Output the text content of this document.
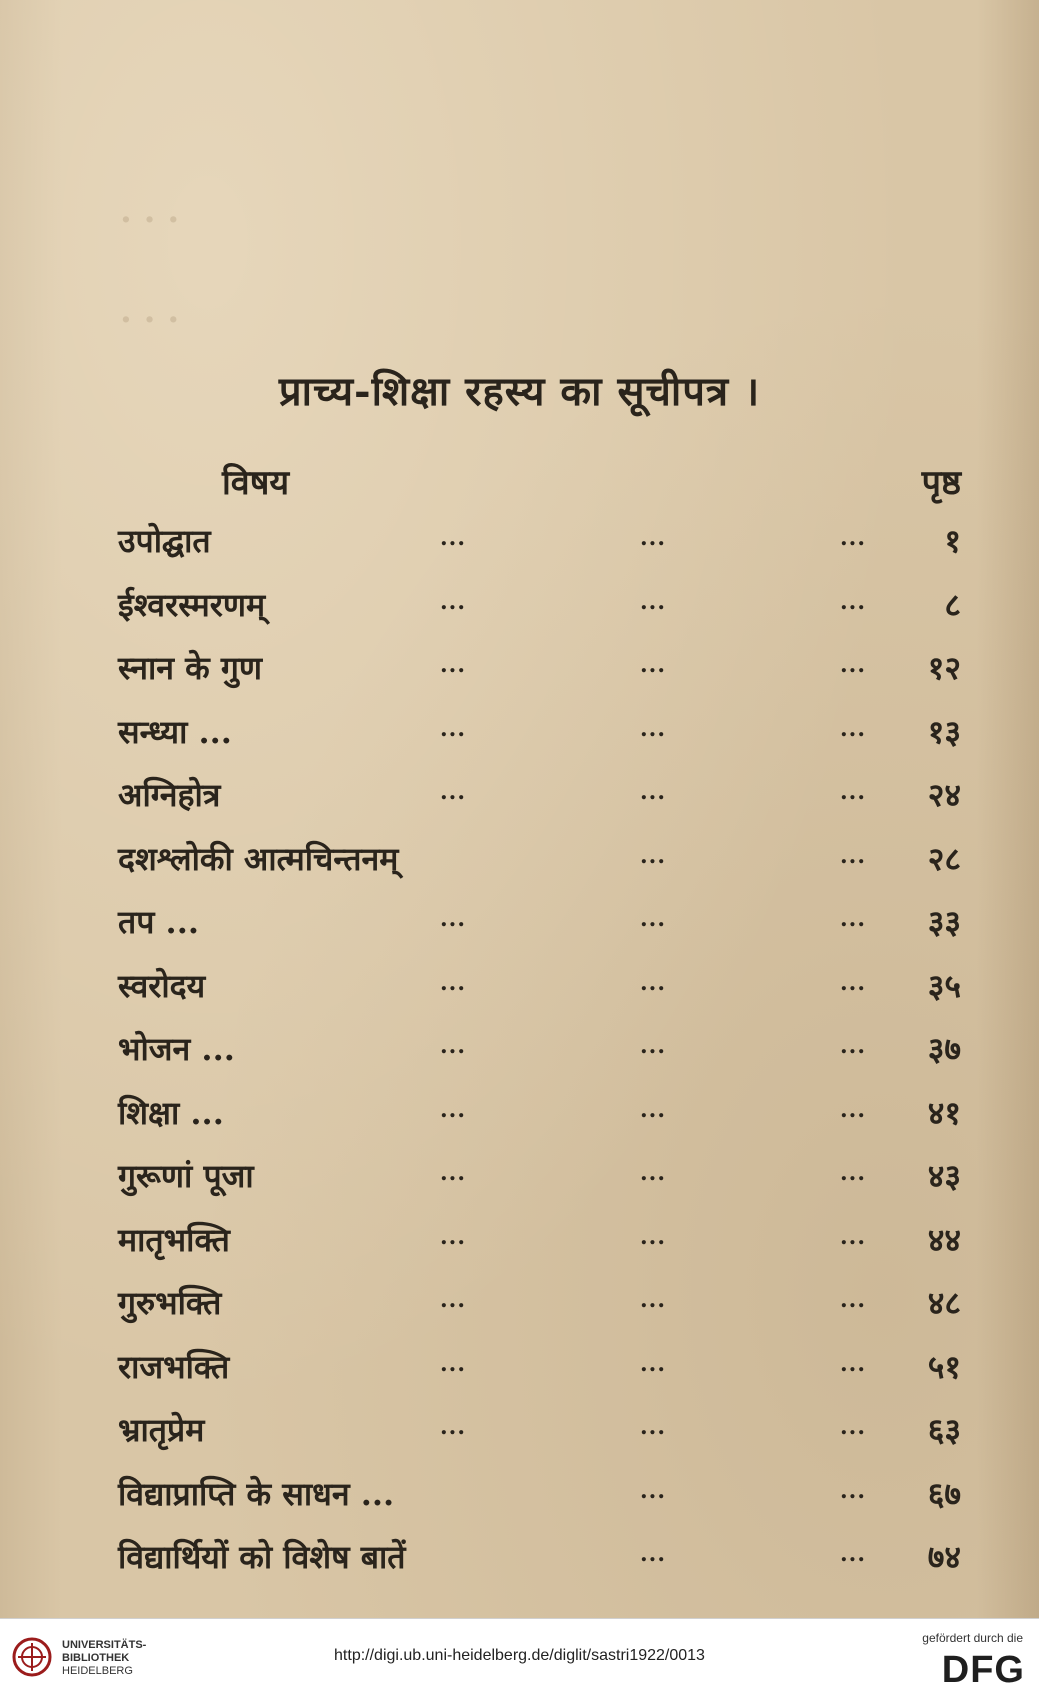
· · ·
· · ·
प्राच्य-शिक्षा रहस्य का सूचीपत्र ।
विषय	पृष्ठ
उपोद्घात	...	...	... १
ईश्वरस्मरणम्	...	...	... ८
स्नान के गुण	...	...	... १२
सन्ध्या ...	...	...	... १३
अग्निहोत्र	...	...	... २४
दशश्लोकी आत्मचिन्तनम्	...	... २८
तप ...	...	...	... ३३
स्वरोदय	...	...	... ३५
भोजन ...	...	...	... ३७
शिक्षा ...	...	...	... ४१
गुरूणां पूजा	...	...	... ४३
मातृभक्ति	...	...	... ४४
गुरुभक्ति	...	...	... ४८
राजभक्ति	...	...	... ५१
भ्रातृप्रेम	...	...	... ६३
विद्याप्राप्ति के साधन ...	...	... ६७
विद्यार्थियों को विशेष बातें	...	... ७४
UNIVERSITÄTS-
BIBLIOTHEK
HEIDELBERG
http://digi.ub.uni-heidelberg.de/diglit/sastri1922/0013
gefördert durch die
DFG
